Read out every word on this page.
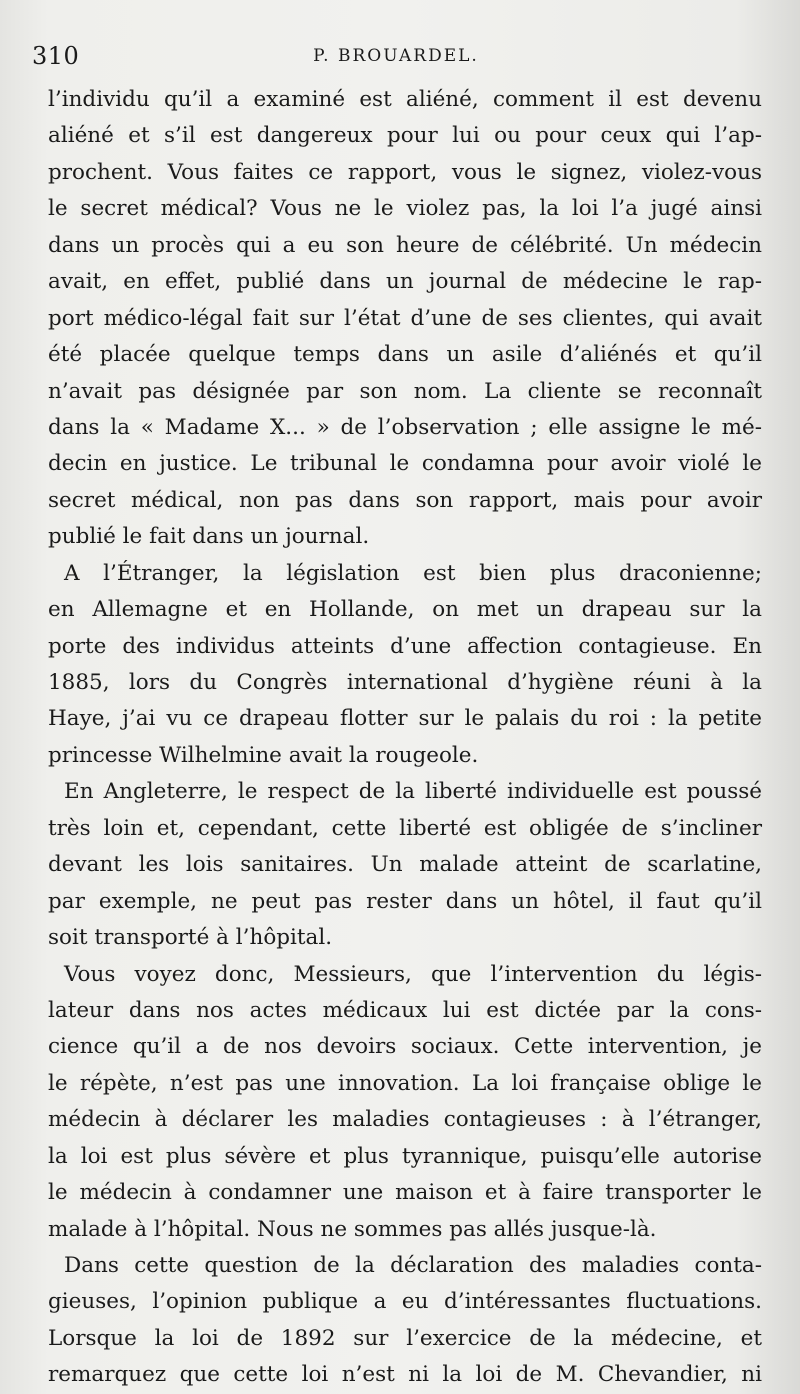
310	P. BROUARDEL.
l’individu qu’il a examiné est aliéné, comment il est devenu
aliéné et s’il est dangereux pour lui ou pour ceux qui l’ap-
prochent. Vous faites ce rapport, vous le signez, violez-vous
le secret médical? Vous ne le violez pas, la loi l’a jugé ainsi
dans un procès qui a eu son heure de célébrité. Un médecin
avait, en effet, publié dans un journal de médecine le rap-
port médico-légal fait sur l’état d’une de ses clientes, qui avait
été placée quelque temps dans un asile d’aliénés et qu’il
n’avait pas désignée par son nom. La cliente se reconnaît
dans la « Madame X... » de l’observation ; elle assigne le mé-
decin en justice. Le tribunal le condamna pour avoir violé le
secret médical, non pas dans son rapport, mais pour avoir
publié le fait dans un journal.
A l’Étranger, la législation est bien plus draconienne;
en Allemagne et en Hollande, on met un drapeau sur la
porte des individus atteints d’une affection contagieuse. En
1885, lors du Congrès international d’hygiène réuni à la
Haye, j’ai vu ce drapeau flotter sur le palais du roi : la petite
princesse Wilhelmine avait la rougeole.
En Angleterre, le respect de la liberté individuelle est poussé
très loin et, cependant, cette liberté est obligée de s’incliner
devant les lois sanitaires. Un malade atteint de scarlatine,
par exemple, ne peut pas rester dans un hôtel, il faut qu’il
soit transporté à l’hôpital.
Vous voyez donc, Messieurs, que l’intervention du légis-
lateur dans nos actes médicaux lui est dictée par la cons-
cience qu’il a de nos devoirs sociaux. Cette intervention, je
le répète, n’est pas une innovation. La loi française oblige le
médecin à déclarer les maladies contagieuses : à l’étranger,
la loi est plus sévère et plus tyrannique, puisqu’elle autorise
le médecin à condamner une maison et à faire transporter le
malade à l’hôpital. Nous ne sommes pas allés jusque-là.
Dans cette question de la déclaration des maladies conta-
gieuses, l’opinion publique a eu d’intéressantes fluctuations.
Lorsque la loi de 1892 sur l’exercice de la médecine, et
remarquez que cette loi n’est ni la loi de M. Chevandier, ni
